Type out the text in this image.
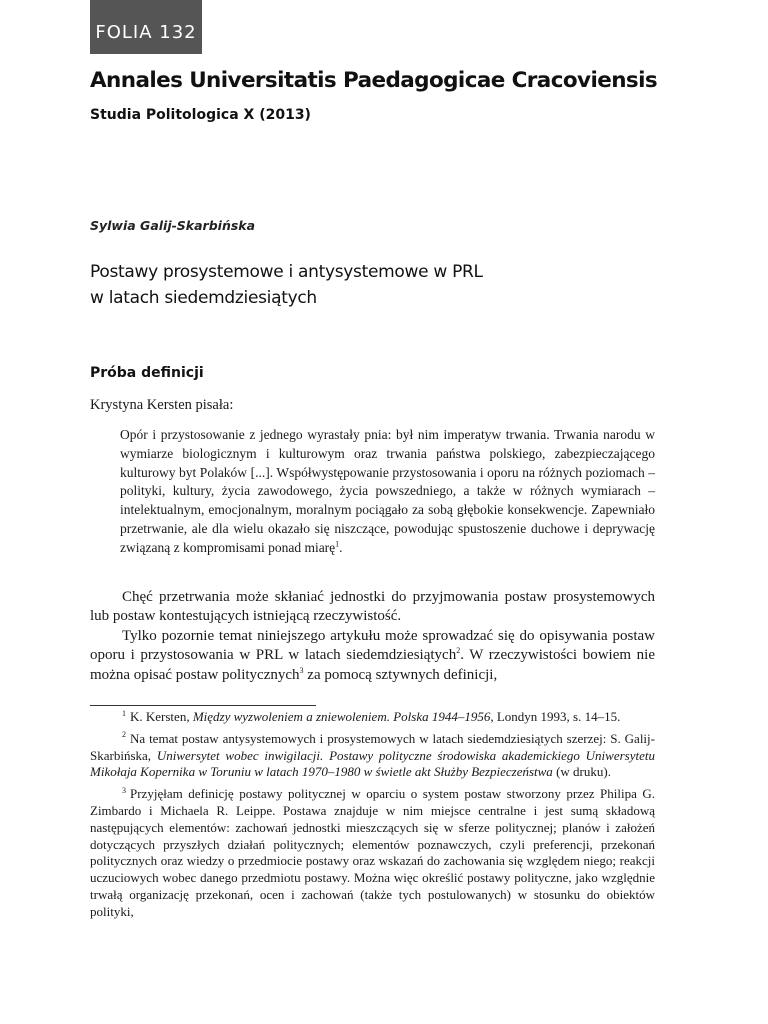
FOLIA 132
Annales Universitatis Paedagogicae Cracoviensis
Studia Politologica X (2013)
Sylwia Galij-Skarbińska
Postawy prosystemowe i antysystemowe w PRL
w latach siedemdziesiątych
Próba definicji
Krystyna Kersten pisała:
Opór i przystosowanie z jednego wyrastały pnia: był nim imperatyw trwania. Trwania narodu w wymiarze biologicznym i kulturowym oraz trwania państwa polskiego, zabezpieczającego kulturowy byt Polaków [...]. Współwystępowanie przystosowania i oporu na różnych poziomach – polityki, kultury, życia zawodowego, życia powszedniego, a także w różnych wymiarach – intelektualnym, emocjonalnym, moralnym pociągało za sobą głębokie konsekwencje. Zapewniało przetrwanie, ale dla wielu okazało się niszczące, powodując spustoszenie duchowe i deprywację związaną z kompromisami ponad miarę$^1$.

Chęć przetrwania może skłaniać jednostki do przyjmowania postaw prosystemowych lub postaw kontestujących istniejącą rzeczywistość.

Tylko pozornie temat niniejszego artykułu może sprowadzać się do opisywania postaw oporu i przystosowania w PRL w latach siedemdziesiątych$^2$. W rzeczywistości bowiem nie można opisać postaw politycznych$^3$ za pomocą sztywnych definicji,

$^1$ K. Kersten, Między wyzwoleniem a zniewoleniem. Polska 1944–1956, Londyn 1993, s. 14–15.

$^2$ Na temat postaw antysystemowych i prosystemowych w latach siedemdziesiątych szerzej: S. Galij-Skarbińska, Uniwersytet wobec inwigilacji. Postawy polityczne środowiska akademickiego Uniwersytetu Mikołaja Kopernika w Toruniu w latach 1970–1980 w świetle akt Służby Bezpieczeństwa (w druku).

$^3$ Przyjęłam definicję postawy politycznej w oparciu o system postaw stworzony przez Philipa G. Zimbardo i Michaela R. Leippe. Postawa znajduje w nim miejsce centralne i jest sumą składową następujących elementów: zachowań jednostki mieszczących się w sferze politycznej; planów i założeń dotyczących przyszłych działań politycznych; elementów poznawczych, czyli preferencji, przekonań politycznych oraz wiedzy o przedmiocie postawy oraz wskazań do zachowania się względem niego; reakcji uczuciowych wobec danego przedmiotu postawy. Można więc określić postawy polityczne, jako względnie trwałą organizację przekonań, ocen i zachowań (także tych postulowanych) w stosunku do obiektów polityki,
